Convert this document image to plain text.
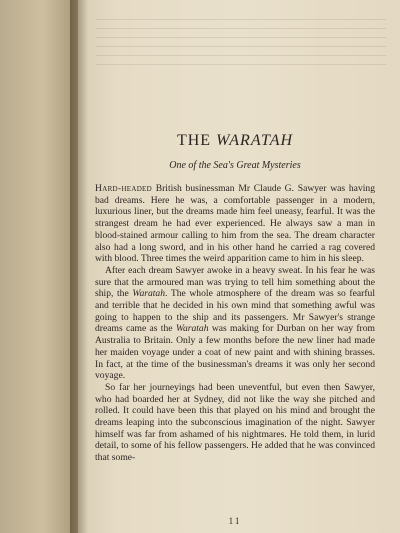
THE WARATAH

One of the Sea's Great Mysteries

Hard-headed British businessman Mr Claude G. Sawyer was having bad dreams. Here he was, a comfortable passenger in a modern, luxurious liner, but the dreams made him feel uneasy, fearful. It was the strangest dream he had ever experienced. He always saw a man in blood-stained armour calling to him from the sea. The dream character also had a long sword, and in his other hand he carried a rag covered with blood. Three times the weird apparition came to him in his sleep.

After each dream Sawyer awoke in a heavy sweat. In his fear he was sure that the armoured man was trying to tell him something about the ship, the Waratah. The whole atmosphere of the dream was so fearful and terrible that he decided in his own mind that something awful was going to happen to the ship and its passengers. Mr Sawyer's strange dreams came as the Waratah was making for Durban on her way from Australia to Britain. Only a few months before the new liner had made her maiden voyage under a coat of new paint and with shining brasses. In fact, at the time of the businessman's dreams it was only her second voyage.

So far her journeyings had been uneventful, but even then Sawyer, who had boarded her at Sydney, did not like the way she pitched and rolled. It could have been this that played on his mind and brought the dreams leaping into the subconscious imagination of the night. Sawyer himself was far from ashamed of his nightmares. He told them, in lurid detail, to some of his fellow passengers. He added that he was convinced that some-

11
